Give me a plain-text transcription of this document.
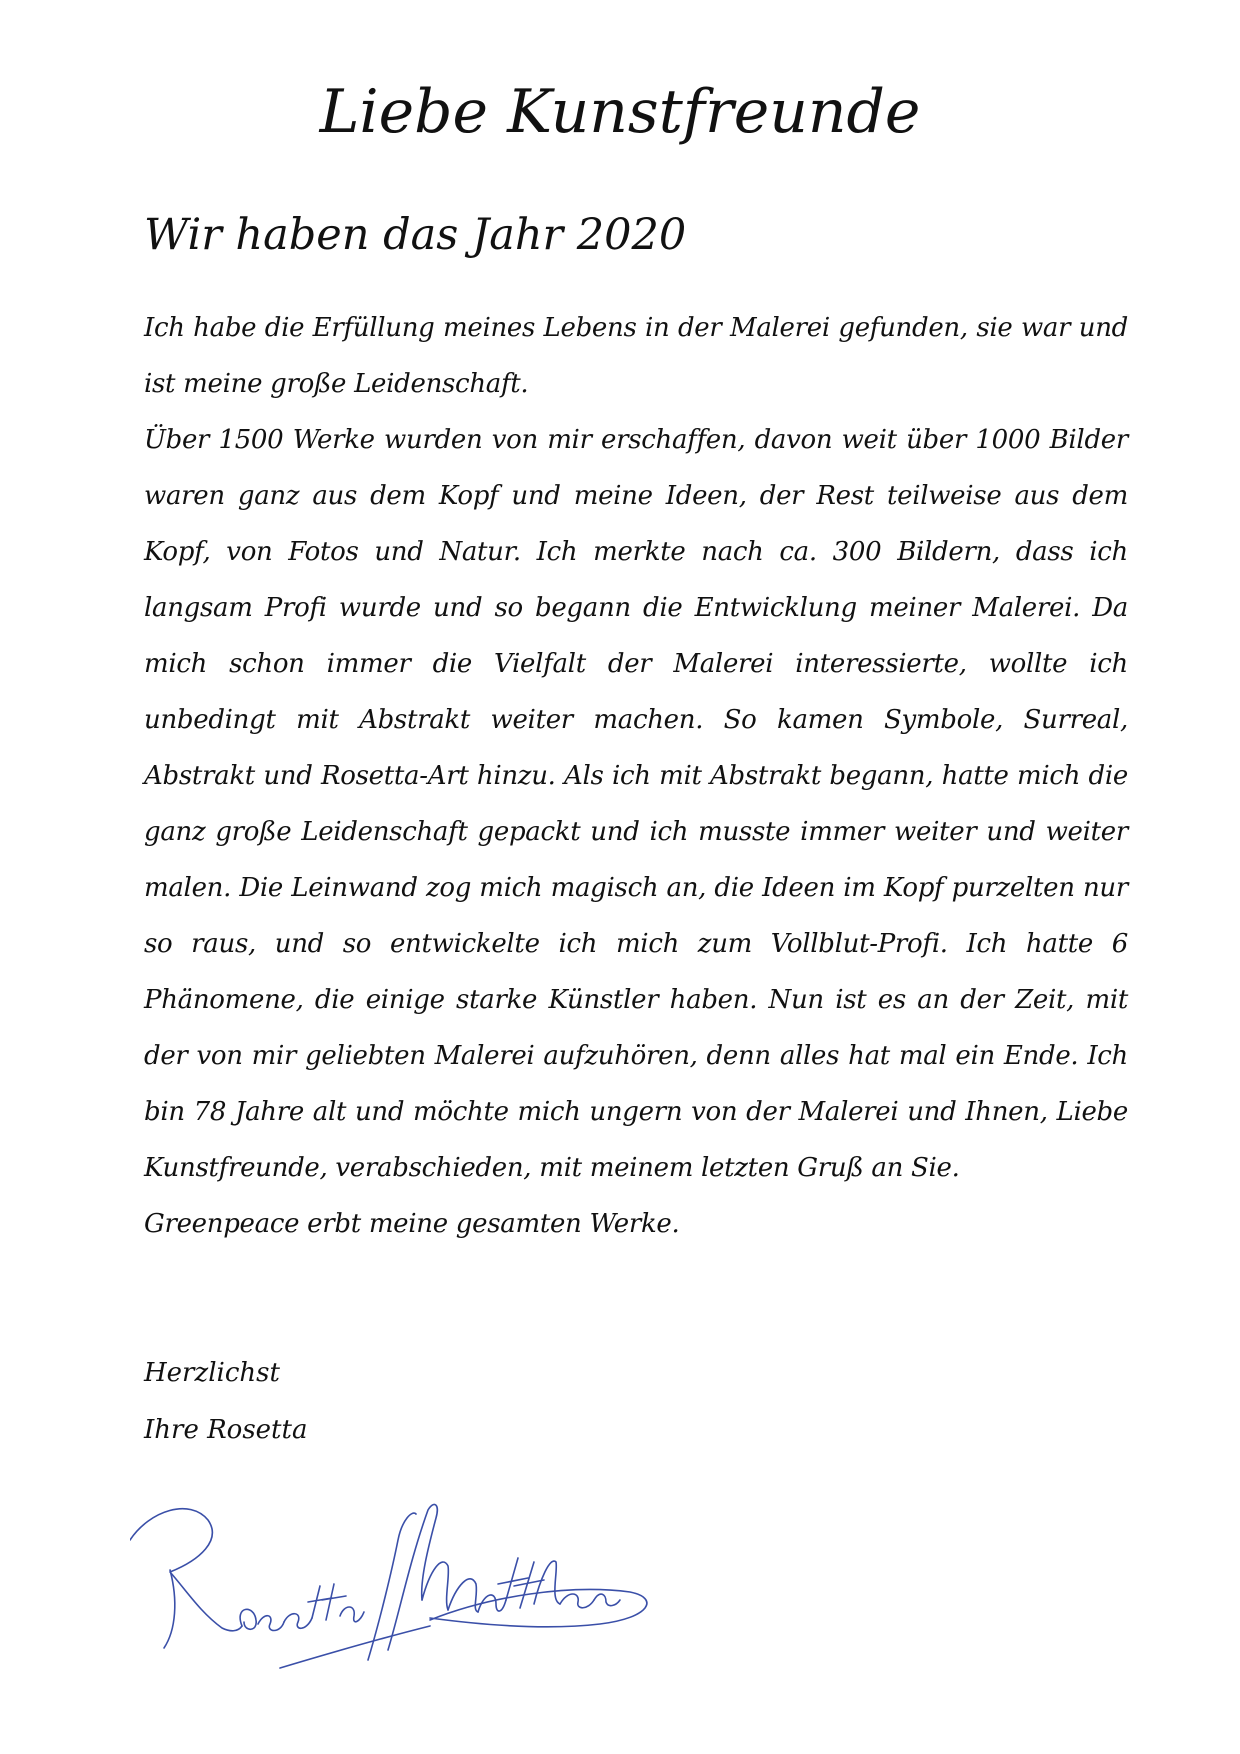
Liebe Kunstfreunde
Wir haben das Jahr 2020

Ich habe die Erfüllung meines Lebens in der Malerei gefunden, sie war und ist meine große Leidenschaft.

Über 1500 Werke wurden von mir erschaffen, davon weit über 1000 Bilder waren ganz aus dem Kopf und meine Ideen, der Rest teilweise aus dem Kopf, von Fotos und Natur. Ich merkte nach ca. 300 Bildern, dass ich langsam Profi wurde und so begann die Entwicklung meiner Malerei. Da mich schon immer die Vielfalt der Malerei interessierte, wollte ich unbedingt mit Abstrakt weiter machen. So kamen Symbole, Surreal, Abstrakt und Rosetta-Art hinzu. Als ich mit Abstrakt begann, hatte mich die ganz große Leidenschaft gepackt und ich musste immer weiter und weiter malen. Die Leinwand zog mich magisch an, die Ideen im Kopf purzelten nur so raus, und so entwickelte ich mich zum Vollblut-Profi. Ich hatte 6 Phänomene, die einige starke Künstler haben. Nun ist es an der Zeit, mit der von mir geliebten Malerei aufzuhören, denn alles hat mal ein Ende. Ich bin 78 Jahre alt und möchte mich ungern von der Malerei und Ihnen, Liebe Kunstfreunde, verabschieden, mit meinem letzten Gruß an Sie.

Greenpeace erbt meine gesamten Werke.

Herzlichst
Ihre Rosetta
